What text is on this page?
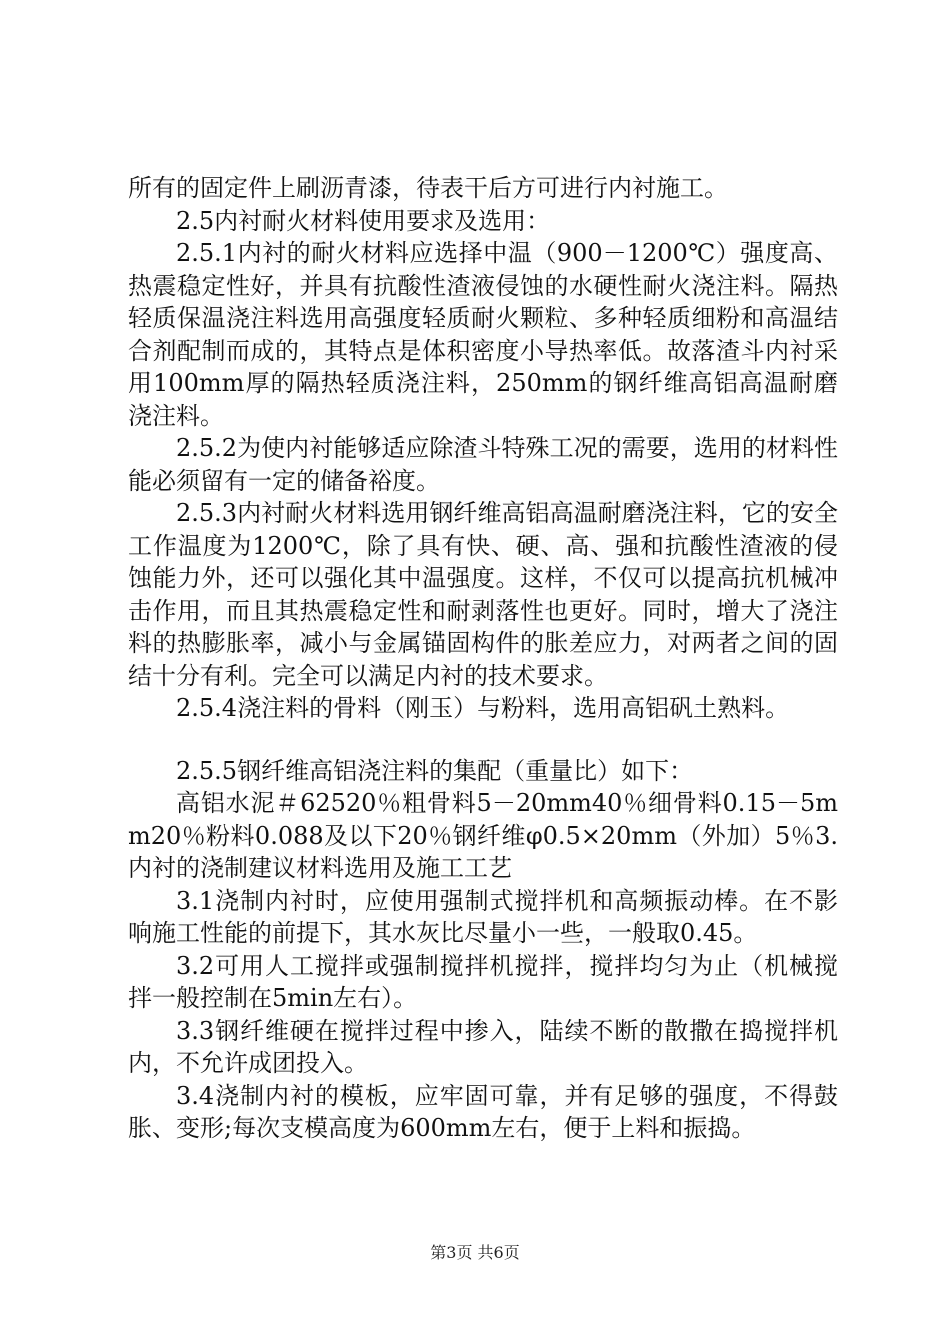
所有的固定件上刷沥青漆，待表干后方可进行内衬施工。

2.5内衬耐火材料使用要求及选用：

2.5.1内衬的耐火材料应选择中温（900－1200℃）强度高、热震稳定性好，并具有抗酸性渣液侵蚀的水硬性耐火浇注料。隔热轻质保温浇注料选用高强度轻质耐火颗粒、多种轻质细粉和高温结合剂配制而成的，其特点是体积密度小导热率低。故落渣斗内衬采用100mm厚的隔热轻质浇注料，250mm的钢纤维高铝高温耐磨浇注料。

2.5.2为使内衬能够适应除渣斗特殊工况的需要，选用的材料性能必须留有一定的储备裕度。

2.5.3内衬耐火材料选用钢纤维高铝高温耐磨浇注料，它的安全工作温度为1200℃，除了具有快、硬、高、强和抗酸性渣液的侵蚀能力外，还可以强化其中温强度。这样，不仅可以提高抗机械冲击作用，而且其热震稳定性和耐剥落性也更好。同时，增大了浇注料的热膨胀率，减小与金属锚固构件的胀差应力，对两者之间的固结十分有利。完全可以满足内衬的技术要求。

2.5.4浇注料的骨料（刚玉）与粉料，选用高铝矾土熟料。

2.5.5钢纤维高铝浇注料的集配（重量比）如下：

高铝水泥＃62520％粗骨料5－20mm40％细骨料0.15－5mm20％粉料0.088及以下20％钢纤维φ0.5×20mm（外加）5％3.内衬的浇制建议材料选用及施工工艺

3.1浇制内衬时，应使用强制式搅拌机和高频振动棒。在不影响施工性能的前提下，其水灰比尽量小一些，一般取0.45。

3.2可用人工搅拌或强制搅拌机搅拌，搅拌均匀为止（机械搅拌一般控制在5min左右）。

3.3钢纤维硬在搅拌过程中掺入，陆续不断的散撒在捣搅拌机内，不允许成团投入。

3.4浇制内衬的模板，应牢固可靠，并有足够的强度，不得鼓胀、变形;每次支模高度为600mm左右，便于上料和振捣。

第3页 共6页
